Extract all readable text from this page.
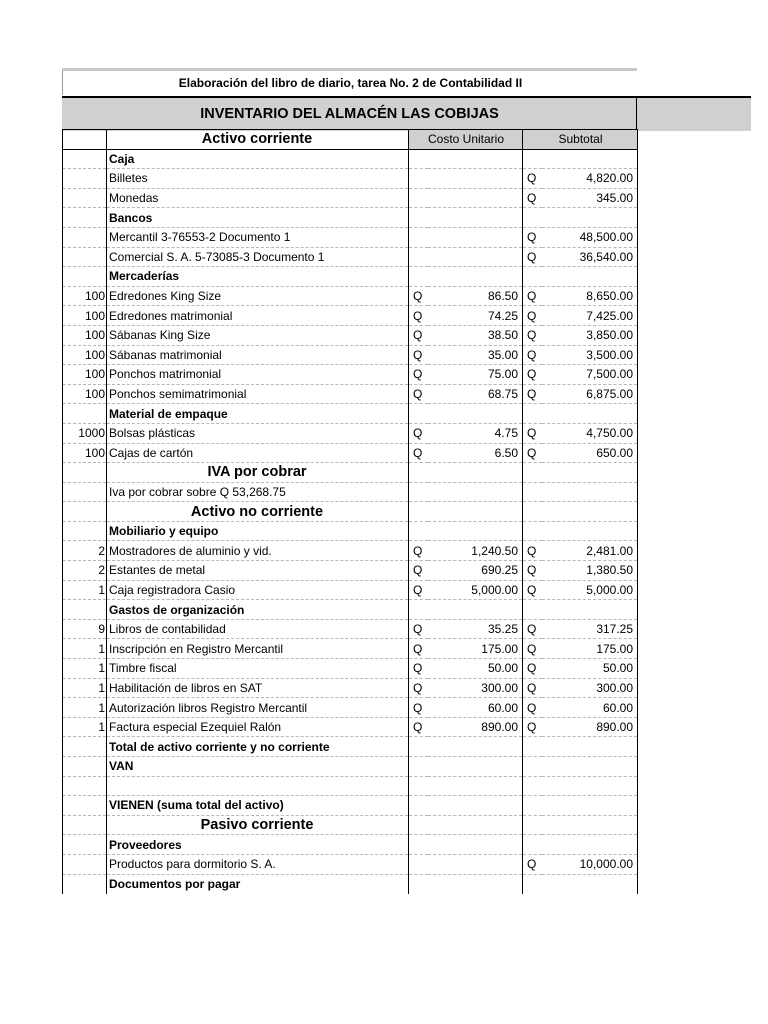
Elaboración del libro de diario, tarea No. 2 de Contabilidad II
INVENTARIO DEL ALMACÉN LAS COBIJAS
	Activo corriente	Costo Unitario		Subtotal	
	Caja				
	Billetes			Q	4,820.00
	Monedas			Q	345.00
	Bancos				
	Mercantil 3-76553-2 Documento 1			Q	48,500.00
	Comercial S. A. 5-73085-3 Documento 1			Q	36,540.00
	Mercaderías				
100	Edredones King Size	Q	86.50	Q	8,650.00
100	Edredones matrimonial	Q	74.25	Q	7,425.00
100	Sábanas King Size	Q	38.50	Q	3,850.00
100	Sábanas matrimonial	Q	35.00	Q	3,500.00
100	Ponchos matrimonial	Q	75.00	Q	7,500.00
100	Ponchos semimatrimonial	Q	68.75	Q	6,875.00
	Material de empaque				
1000	Bolsas plásticas	Q	4.75	Q	4,750.00
100	Cajas de cartón	Q	6.50	Q	650.00
	IVA por cobrar				
	Iva por cobrar sobre Q 53,268.75				
	Activo no corriente				
	Mobiliario y equipo				
2	Mostradores de aluminio y vid.	Q	1,240.50	Q	2,481.00
2	Estantes de metal	Q	690.25	Q	1,380.50
1	Caja registradora Casio	Q	5,000.00	Q	5,000.00
	Gastos de organización				
9	Libros de contabilidad	Q	35.25	Q	317.25
1	Inscripción en Registro Mercantil	Q	175.00	Q	175.00
1	Timbre fiscal	Q	50.00	Q	50.00
1	Habilitación de libros en SAT	Q	300.00	Q	300.00
1	Autorización libros Registro Mercantil	Q	60.00	Q	60.00
1	Factura especial Ezequiel Ralón	Q	890.00	Q	890.00
	Total de activo corriente y no corriente				
	VAN				

	VIENEN (suma total del activo)				
	Pasivo corriente				
	Proveedores				
	Productos para dormitorio S. A.			Q	10,000.00
	Documentos por pagar				
